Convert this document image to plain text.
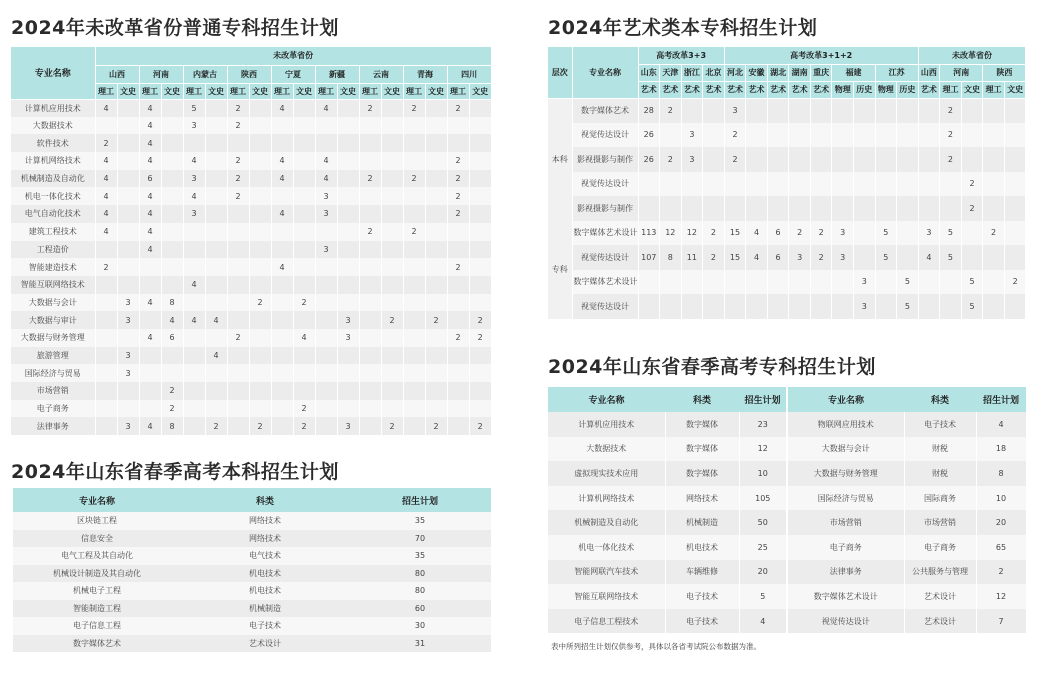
2024年未改革省份普通专科招生计划
专业名称	未改革省份																	
	山西		河南		内蒙古		陕西		宁夏		新疆		云南		青海		四川	
	理工	文史	理工	文史	理工	文史	理工	文史	理工	文史	理工	文史	理工	文史	理工	文史	理工	文史
计算机应用技术	4		4		5		2		4		4		2		2		2	
大数据技术			4		3		2											
软件技术	2		4															
计算机网络技术	4		4		4		2		4		4						2	
机械制造及自动化	4		6		3		2		4		4		2		2		2	
机电一体化技术	4		4		4		2				3						2	
电气自动化技术	4		4		3				4		3						2	
建筑工程技术	4		4										2		2			
工程造价			4								3							
智能建造技术	2								4								2	
智能互联网络技术					4													
大数据与会计		3	4	8				2		2								
大数据与审计		3		4	4	4						3		2		2		2
大数据与财务管理			4	6			2			4		3					2	2
旅游管理		3				4												
国际经济与贸易		3																
市场营销				2														
电子商务				2						2								
法律事务		3	4	8		2		2		2		3		2		2		2
2024年山东省春季高考本科招生计划
专业名称	科类	招生计划
区块链工程	网络技术	35
信息安全	网络技术	70
电气工程及其自动化	电气技术	35
机械设计制造及其自动化	机电技术	80
机械电子工程	机电技术	80
智能制造工程	机械制造	60
电子信息工程	电子技术	30
数字媒体艺术	艺术设计	31
2024年艺术类本专科招生计划
层次	专业名称	高考改革3+3				高考改革3+1+2									未改革省份				
		山东	天津	浙江	北京	河北	安徽	湖北	湖南	重庆	福建		江苏		山西	河南		陕西	
		艺术	艺术	艺术	艺术	艺术	艺术	艺术	艺术	艺术	物理	历史	物理	历史	艺术	理工	文史	理工	文史
本科	数字媒体艺术	28	2			3										2			
	视觉传达设计	26		3		2										2			
	影视摄影与制作	26	2	3		2										2			
	视觉传达设计																2		
	影视摄影与制作																2		
专科	数字媒体艺术设计	113	12	12	2	15	4	6	2	2	3		5		3	5		2	
	视觉传达设计	107	8	11	2	15	4	6	3	2	3		5		4	5			
	数字媒体艺术设计											3		5			5		2
	视觉传达设计											3		5			5		
2024年山东省春季高考专科招生计划
专业名称	科类	招生计划	专业名称	科类	招生计划
计算机应用技术	数字媒体	23	物联网应用技术	电子技术	4
大数据技术	数字媒体	12	大数据与会计	财税	18
虚拟现实技术应用	数字媒体	10	大数据与财务管理	财税	8
计算机网络技术	网络技术	105	国际经济与贸易	国际商务	10
机械制造及自动化	机械制造	50	市场营销	市场营销	20
机电一体化技术	机电技术	25	电子商务	电子商务	65
智能网联汽车技术	车辆维修	20	法律事务	公共服务与管理	2
智能互联网络技术	电子技术	5	数字媒体艺术设计	艺术设计	12
电子信息工程技术	电子技术	4	视觉传达设计	艺术设计	7
表中所列招生计划仅供参考，具体以各省考试院公布数据为准。
